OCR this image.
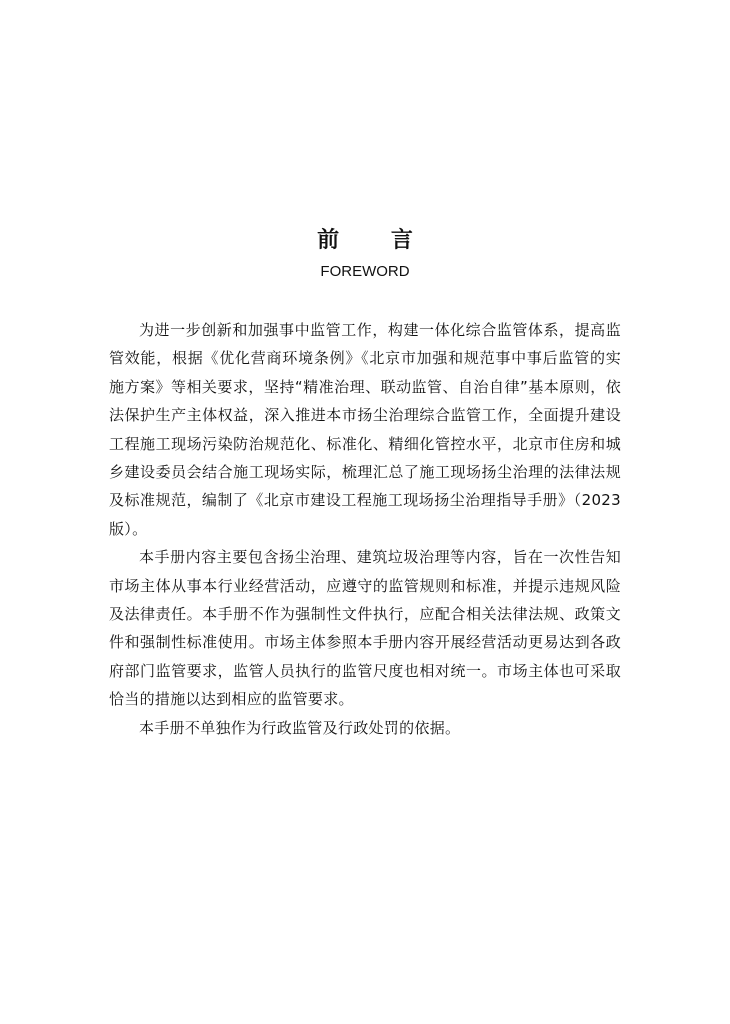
前 言

FOREWORD

为进一步创新和加强事中监管工作，构建一体化综合监管体系，提高监管效能，根据《优化营商环境条例》《北京市加强和规范事中事后监管的实施方案》等相关要求，坚持“精准治理、联动监管、自治自律”基本原则，依法保护生产主体权益，深入推进本市扬尘治理综合监管工作，全面提升建设工程施工现场污染防治规范化、标准化、精细化管控水平，北京市住房和城乡建设委员会结合施工现场实际，梳理汇总了施工现场扬尘治理的法律法规及标准规范，编制了《北京市建设工程施工现场扬尘治理指导手册》（2023 版）。

本手册内容主要包含扬尘治理、建筑垃圾治理等内容，旨在一次性告知市场主体从事本行业经营活动，应遵守的监管规则和标准，并提示违规风险及法律责任。本手册不作为强制性文件执行，应配合相关法律法规、政策文件和强制性标准使用。市场主体参照本手册内容开展经营活动更易达到各政府部门监管要求，监管人员执行的监管尺度也相对统一。市场主体也可采取恰当的措施以达到相应的监管要求。

本手册不单独作为行政监管及行政处罚的依据。
